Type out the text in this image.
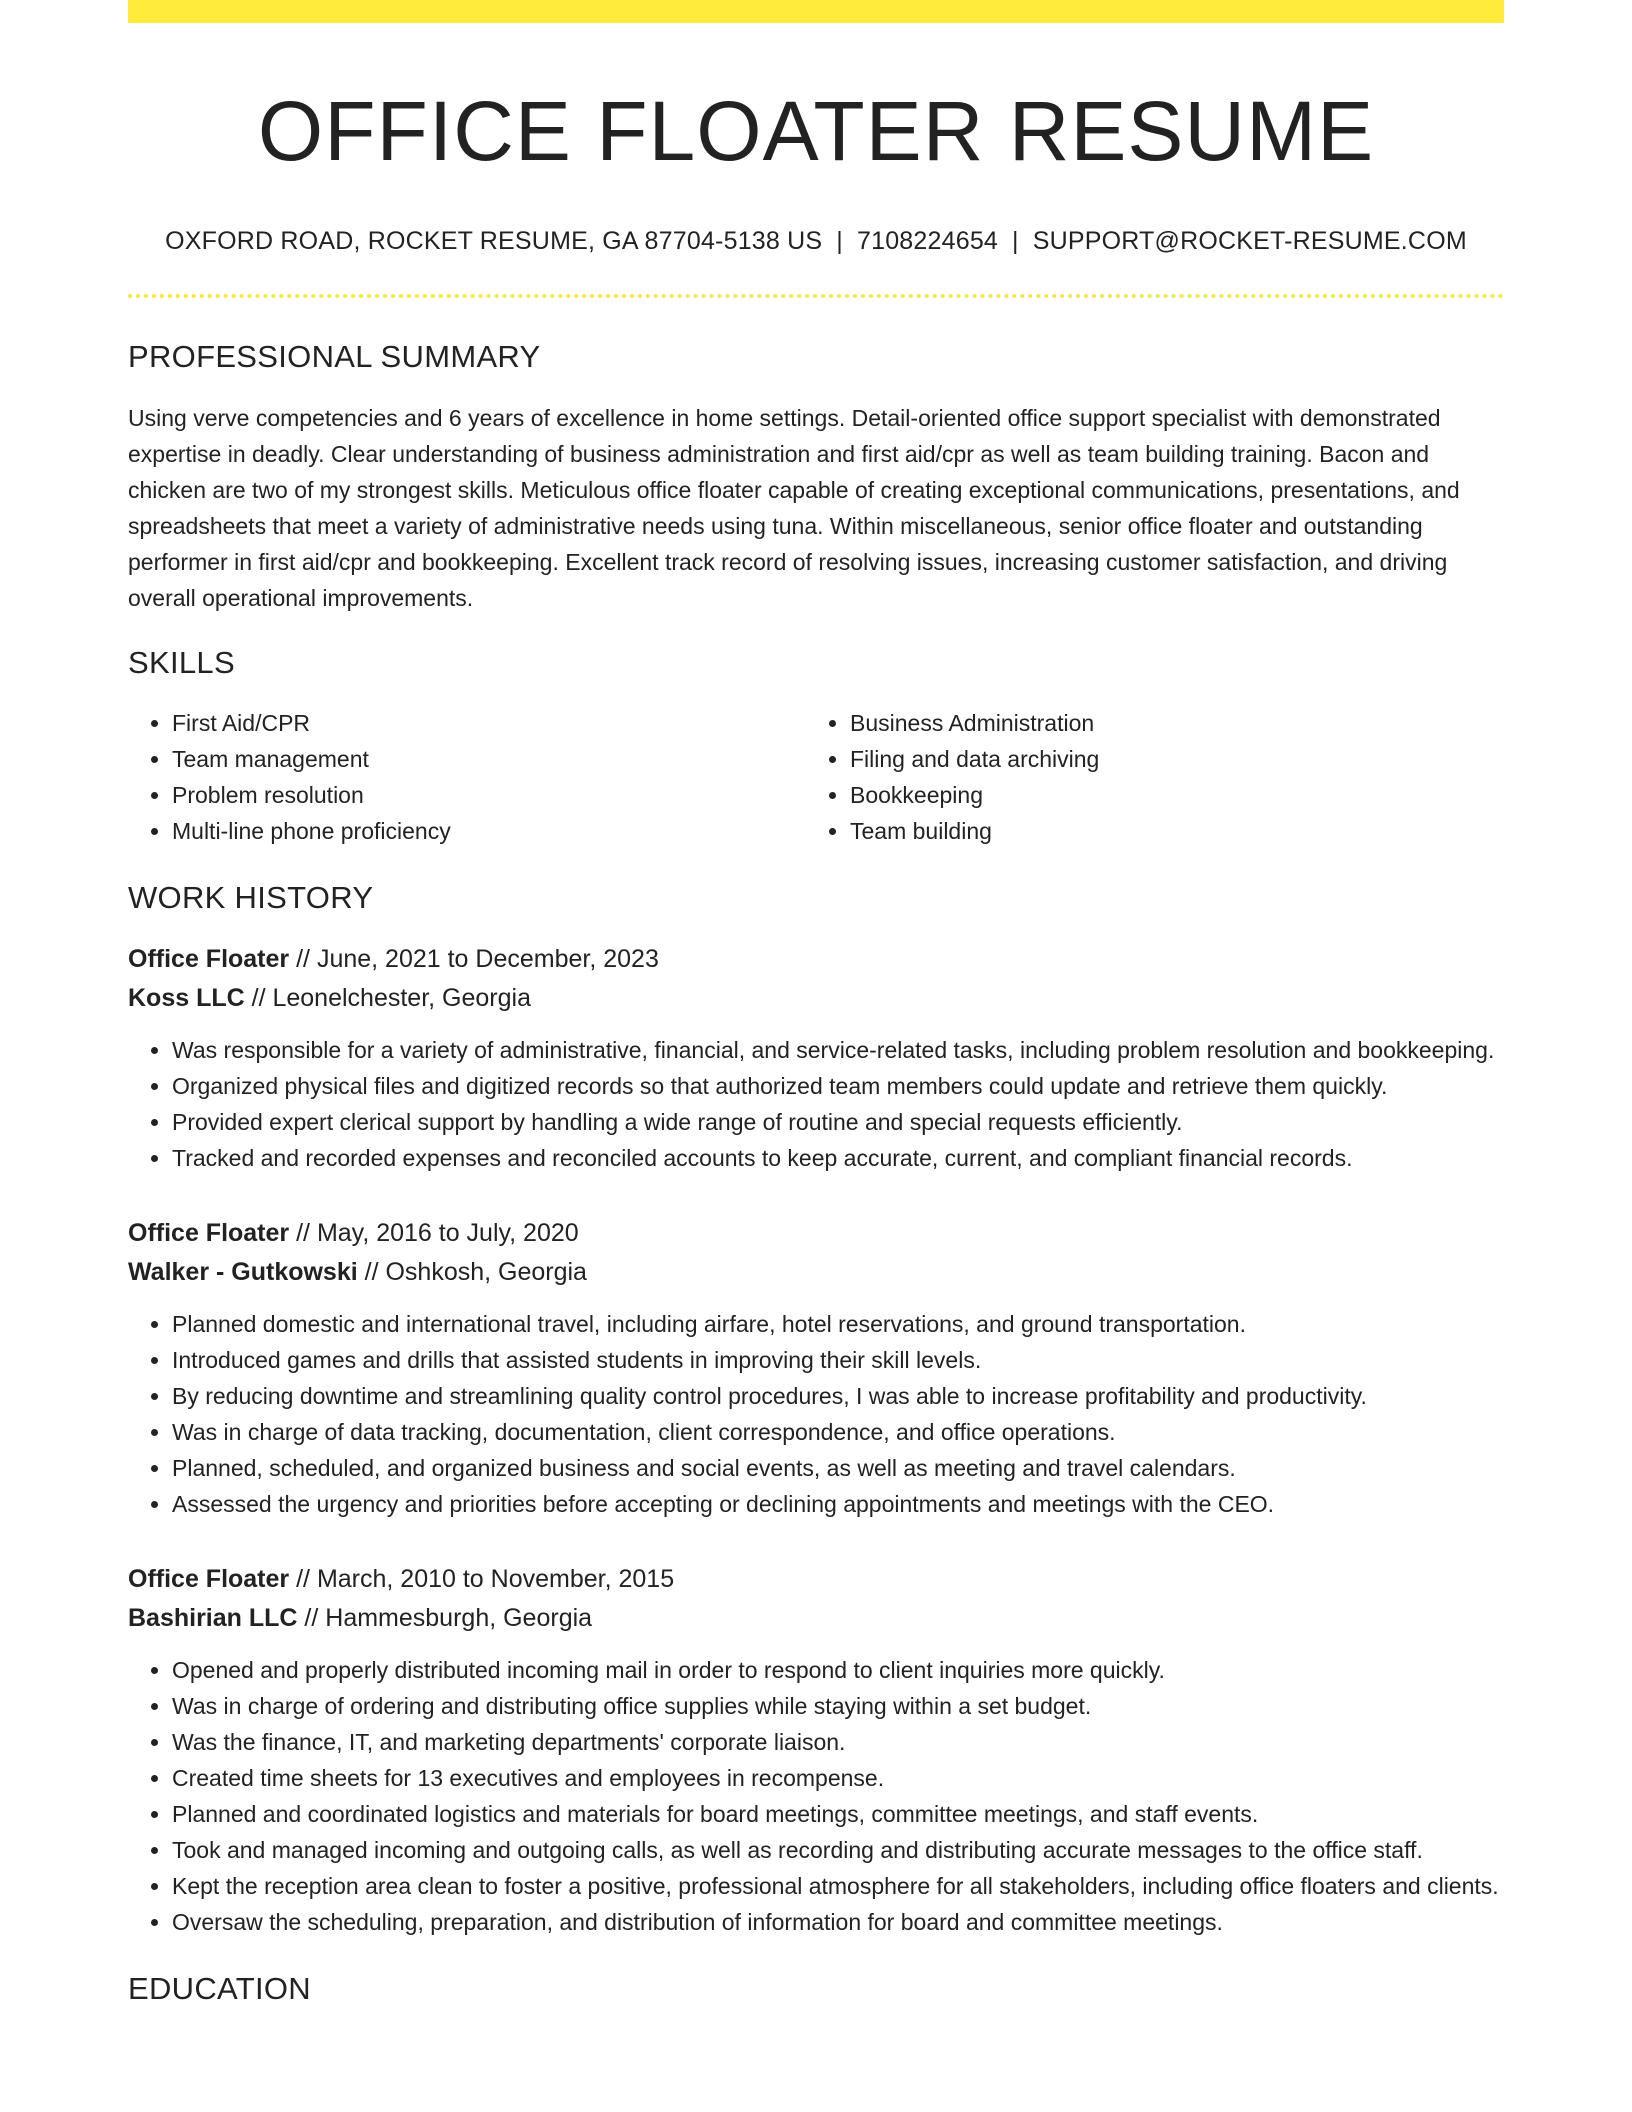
OFFICE FLOATER RESUME
OXFORD ROAD, ROCKET RESUME, GA 87704-5138 US | 7108224654 | SUPPORT@ROCKET-RESUME.COM
PROFESSIONAL SUMMARY

Using verve competencies and 6 years of excellence in home settings. Detail-oriented office support specialist with demonstrated expertise in deadly. Clear understanding of business administration and first aid/cpr as well as team building training. Bacon and chicken are two of my strongest skills. Meticulous office floater capable of creating exceptional communications, presentations, and spreadsheets that meet a variety of administrative needs using tuna. Within miscellaneous, senior office floater and outstanding performer in first aid/cpr and bookkeeping. Excellent track record of resolving issues, increasing customer satisfaction, and driving overall operational improvements.

SKILLS
• First Aid/CPR
• Team management
• Problem resolution
• Multi-line phone proficiency
• Business Administration
• Filing and data archiving
• Bookkeeping
• Team building
WORK HISTORY
Office Floater // June, 2021 to December, 2023
Koss LLC // Leonelchester, Georgia
• Was responsible for a variety of administrative, financial, and service-related tasks, including problem resolution and bookkeeping.
• Organized physical files and digitized records so that authorized team members could update and retrieve them quickly.
• Provided expert clerical support by handling a wide range of routine and special requests efficiently.
• Tracked and recorded expenses and reconciled accounts to keep accurate, current, and compliant financial records.
Office Floater // May, 2016 to July, 2020
Walker - Gutkowski // Oshkosh, Georgia
• Planned domestic and international travel, including airfare, hotel reservations, and ground transportation.
• Introduced games and drills that assisted students in improving their skill levels.
• By reducing downtime and streamlining quality control procedures, I was able to increase profitability and productivity.
• Was in charge of data tracking, documentation, client correspondence, and office operations.
• Planned, scheduled, and organized business and social events, as well as meeting and travel calendars.
• Assessed the urgency and priorities before accepting or declining appointments and meetings with the CEO.
Office Floater // March, 2010 to November, 2015
Bashirian LLC // Hammesburgh, Georgia
• Opened and properly distributed incoming mail in order to respond to client inquiries more quickly.
• Was in charge of ordering and distributing office supplies while staying within a set budget.
• Was the finance, IT, and marketing departments' corporate liaison.
• Created time sheets for 13 executives and employees in recompense.
• Planned and coordinated logistics and materials for board meetings, committee meetings, and staff events.
• Took and managed incoming and outgoing calls, as well as recording and distributing accurate messages to the office staff.
• Kept the reception area clean to foster a positive, professional atmosphere for all stakeholders, including office floaters and clients.
• Oversaw the scheduling, preparation, and distribution of information for board and committee meetings.
EDUCATION
